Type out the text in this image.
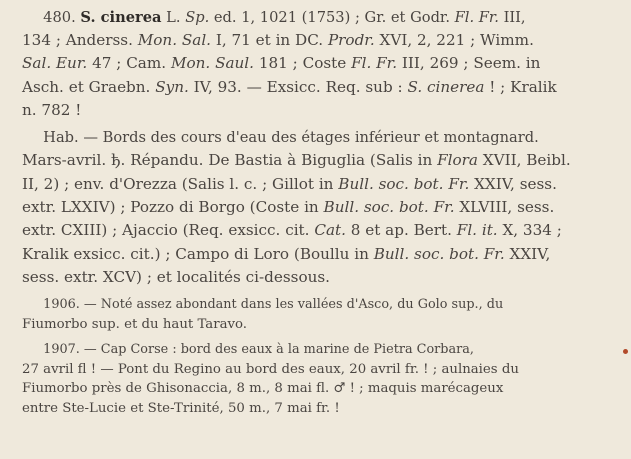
480. S. cinerea L. Sp. ed. 1, 1021 (1753) ; Gr. et Godr. Fl. Fr. III,
134 ; Anderss. Mon. Sal. I, 71 et in DC. Prodr. XVI, 2, 221 ; Wimm.
Sal. Eur. 47 ; Cam. Mon. Saul. 181 ; Coste Fl. Fr. III, 269 ; Seem. in
Asch. et Graebn. Syn. IV, 93. — Exsicc. Req. sub : S. cinerea ! ; Kralik
n. 782 !

Hab. — Bords des cours d'eau des étages inférieur et montagnard.
Mars-avril. ђ. Répandu. De Bastia à Biguglia (Salis in Flora XVII, Beibl.
II, 2) ; env. d'Orezza (Salis l. c. ; Gillot in Bull. soc. bot. Fr. XXIV, sess.
extr. LXXIV) ; Pozzo di Borgo (Coste in Bull. soc. bot. Fr. XLVIII, sess.
extr. CXIII) ; Ajaccio (Req. exsicc. cit. Cat. 8 et ap. Bert. Fl. it. X, 334 ;
Kralik exsicc. cit.) ; Campo di Loro (Boullu in Bull. soc. bot. Fr. XXIV,
sess. extr. XCV) ; et localités ci-dessous.

1906. — Noté assez abondant dans les vallées d'Asco, du Golo sup., du
Fiumorbo sup. et du haut Taravo.

1907. — Cap Corse : bord des eaux à la marine de Pietra Corbara,
27 avril fl ! — Pont du Regino au bord des eaux, 20 avril fr. ! ; aulnaies du
Fiumorbo près de Ghisonaccia, 8 m., 8 mai fl. ♂ ! ; maquis marécageux
entre Ste-Lucie et Ste-Trinité, 50 m., 7 mai fr. !
